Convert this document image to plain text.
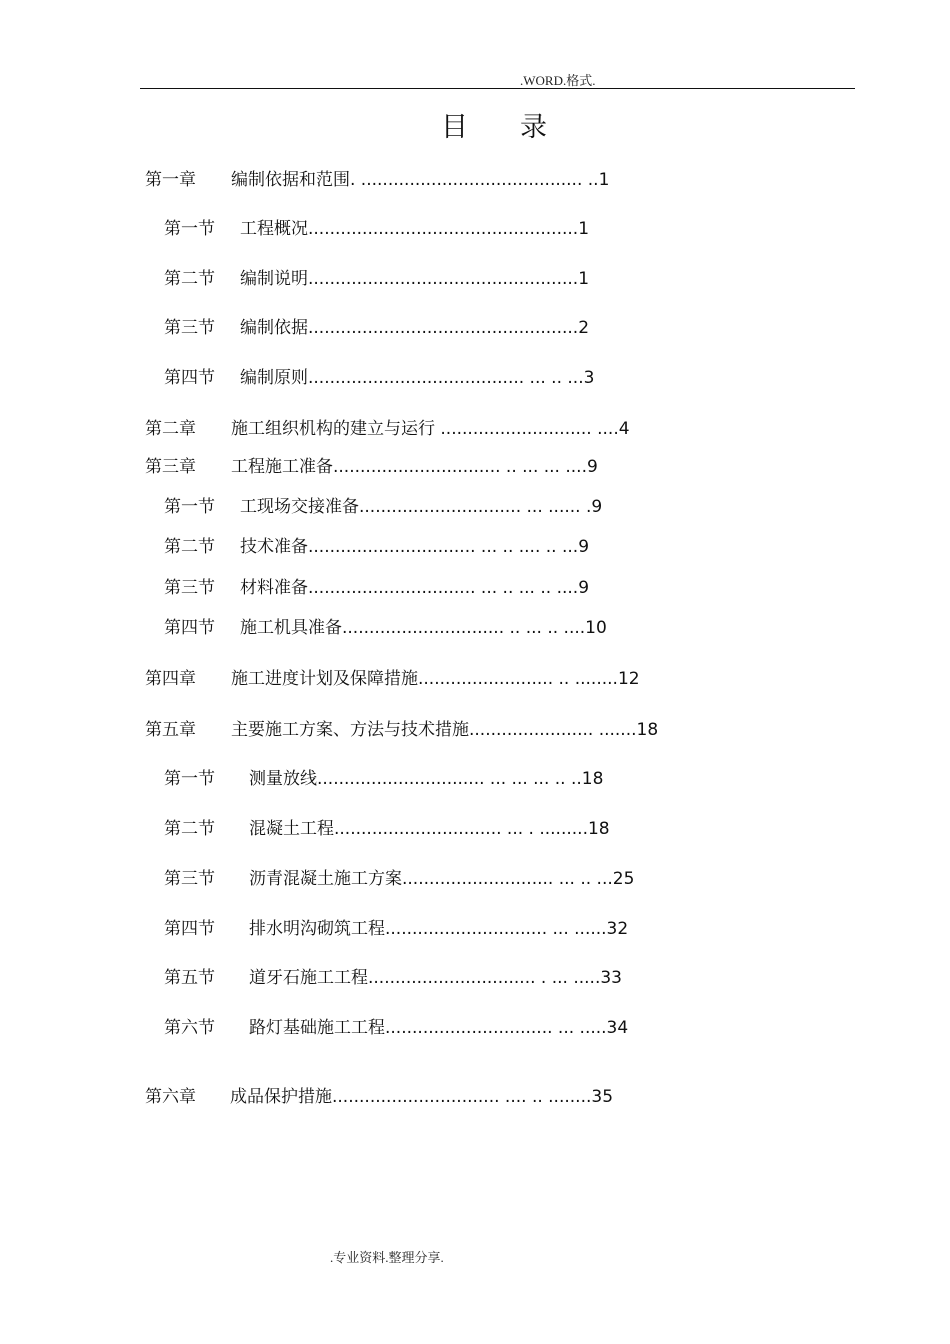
.WORD.格式.
目录
第一章 编制依据和范围. ......................................... ..1
第一节 工程概况..................................................1
第二节 编制说明..................................................1
第三节 编制依据..................................................2
第四节 编制原则........................................ ... .. ...3
第二章 施工组织机构的建立与运行 ............................ ....4
第三章 工程施工准备............................... .. ... ... ....9
第一节 工现场交接准备.............................. ... ...... .9
第二节 技术准备............................... ... .. .... .. ...9
第三节 材料准备............................... ... .. ... .. ....9
第四节 施工机具准备.............................. .. ... .. ....10
第四章 施工进度计划及保障措施......................... .. ........12
第五章 主要施工方案、方法与技术措施....................... .......18
第一节 测量放线............................... ... ... ... .. ..18
第二节 混凝土工程............................... ... . .........18
第三节 沥青混凝土施工方案............................ ... .. ...25
第四节 排水明沟砌筑工程.............................. ... ......32
第五节 道牙石施工工程............................... . ... .....33
第六节 路灯基础施工工程............................... ... .....34
第六章 成品保护措施............................... .... .. ........35
.专业资料.整理分享.
